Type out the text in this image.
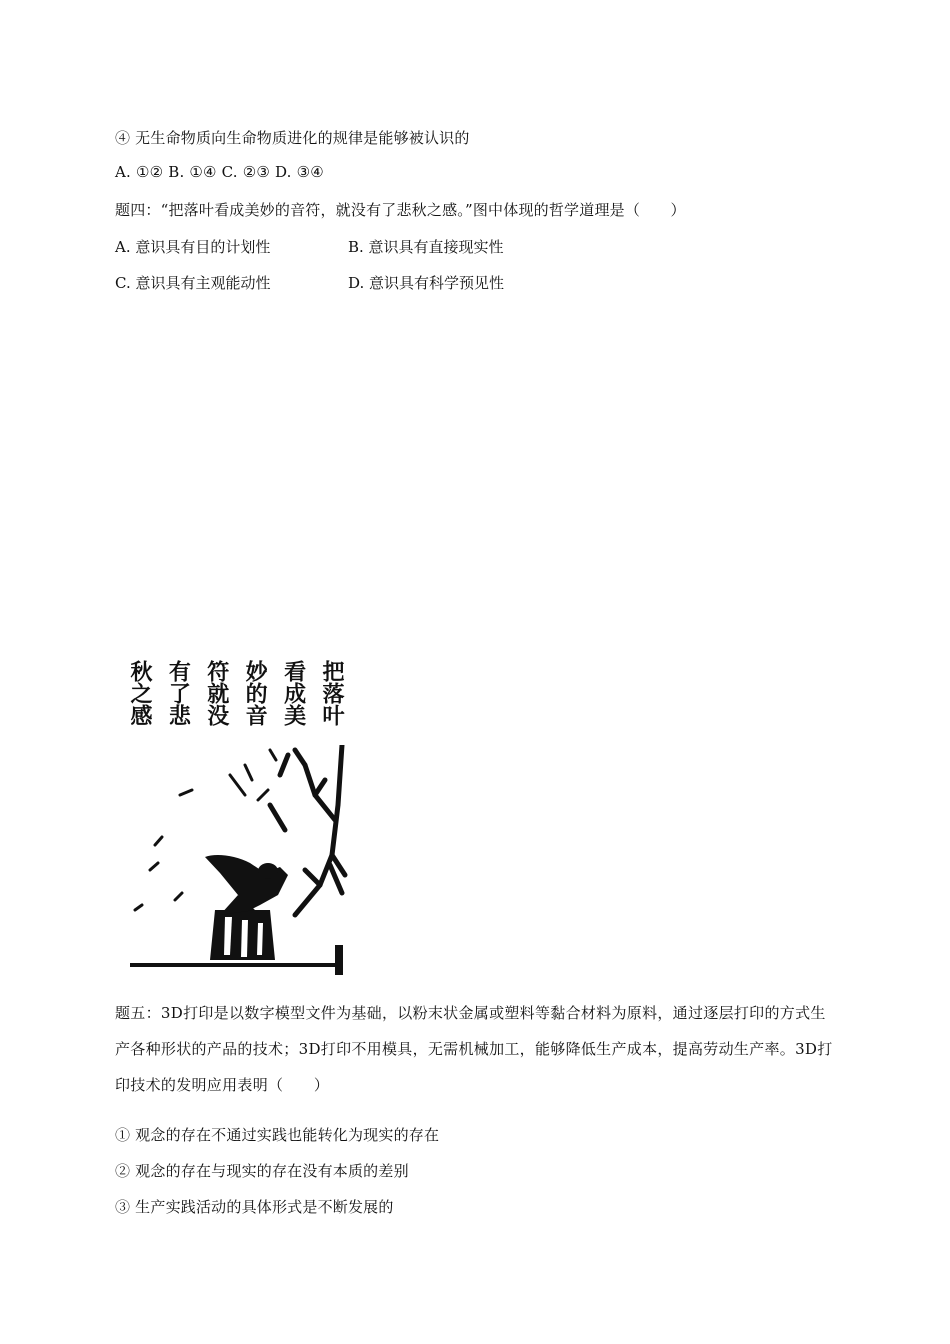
④ 无生命物质向生命物质进化的规律是能够被认识的
A. ①② B. ①④ C. ②③ D. ③④
题四：“把落叶看成美妙的音符，就没有了悲秋之感。”图中体现的哲学道理是（　　）
A. 意识具有目的计划性	B. 意识具有直接现实性
C. 意识具有主观能动性	D. 意识具有科学预见性
把落叶
看成美
妙的音
符就没
有了悲
秋之感
题五：3D打印是以数字模型文件为基础，以粉末状金属或塑料等黏合材料为原料，通过逐层打印的方式生产各种形状的产品的技术；3D打印不用模具，无需机械加工，能够降低生产成本，提高劳动生产率。3D打印技术的发明应用表明（　　）
① 观念的存在不通过实践也能转化为现实的存在
② 观念的存在与现实的存在没有本质的差别
③ 生产实践活动的具体形式是不断发展的
